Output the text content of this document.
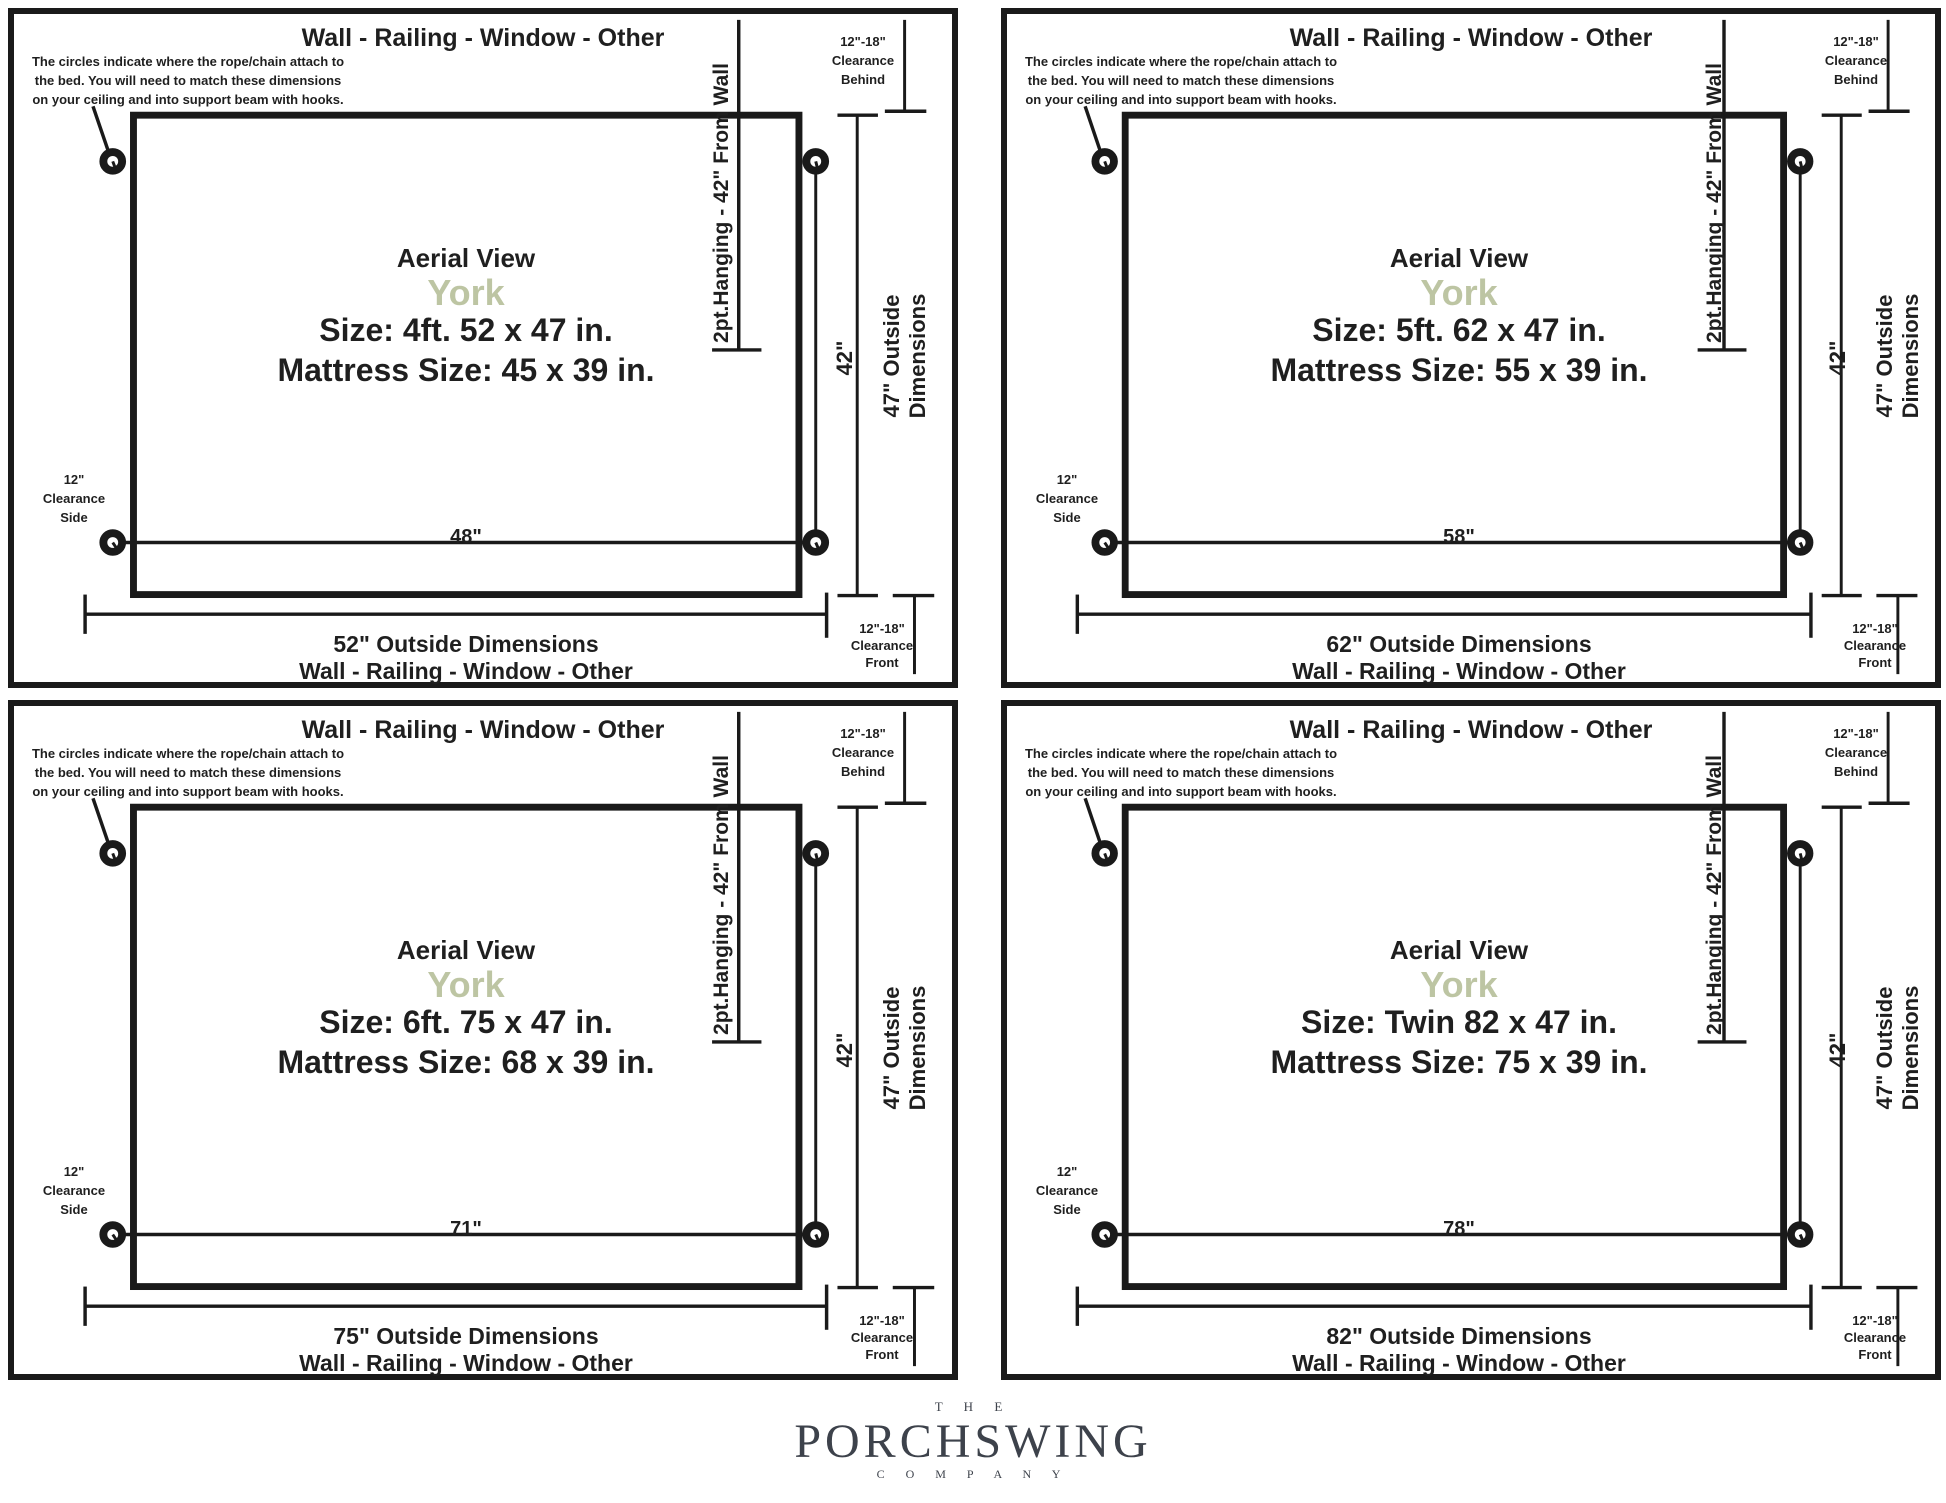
Wall - Railing - Window - Other
The circles indicate where the rope/chain attach to
the bed. You will need to match these dimensions
on your ceiling and into support beam with hooks.
Aerial View
York
Size: 4ft. 52 x 47 in.
Mattress Size: 45 x 39 in.
12"
Clearance
Side
48"
2pt.Hanging - 42" From Wall
42" 47" Outside Dimensions
12"-18"
Clearance
Behind
12"-18"
Clearance
Front
52" Outside Dimensions
Wall - Railing - Window - Other
Wall - Railing - Window - Other
The circles indicate where the rope/chain attach to
the bed. You will need to match these dimensions
on your ceiling and into support beam with hooks.
Aerial View
York
Size: 5ft. 62 x 47 in.
Mattress Size: 55 x 39 in.
12"
Clearance
Side
58"
2pt.Hanging - 42" From Wall
42" 47" Outside Dimensions
12"-18"
Clearance
Behind
12"-18"
Clearance
Front
62" Outside Dimensions
Wall - Railing - Window - Other
Wall - Railing - Window - Other
The circles indicate where the rope/chain attach to
the bed. You will need to match these dimensions
on your ceiling and into support beam with hooks.
Aerial View
York
Size: 6ft. 75 x 47 in.
Mattress Size: 68 x 39 in.
12"
Clearance
Side
71"
2pt.Hanging - 42" From Wall
42" 47" Outside Dimensions
12"-18"
Clearance
Behind
12"-18"
Clearance
Front
75" Outside Dimensions
Wall - Railing - Window - Other
Wall - Railing - Window - Other
The circles indicate where the rope/chain attach to
the bed. You will need to match these dimensions
on your ceiling and into support beam with hooks.
Aerial View
York
Size: Twin 82 x 47 in.
Mattress Size: 75 x 39 in.
12"
Clearance
Side
78"
2pt.Hanging - 42" From Wall
42" 47" Outside Dimensions
12"-18"
Clearance
Behind
12"-18"
Clearance
Front
82" Outside Dimensions
Wall - Railing - Window - Other
T H E
PORCHSWING
C O M P A N Y
